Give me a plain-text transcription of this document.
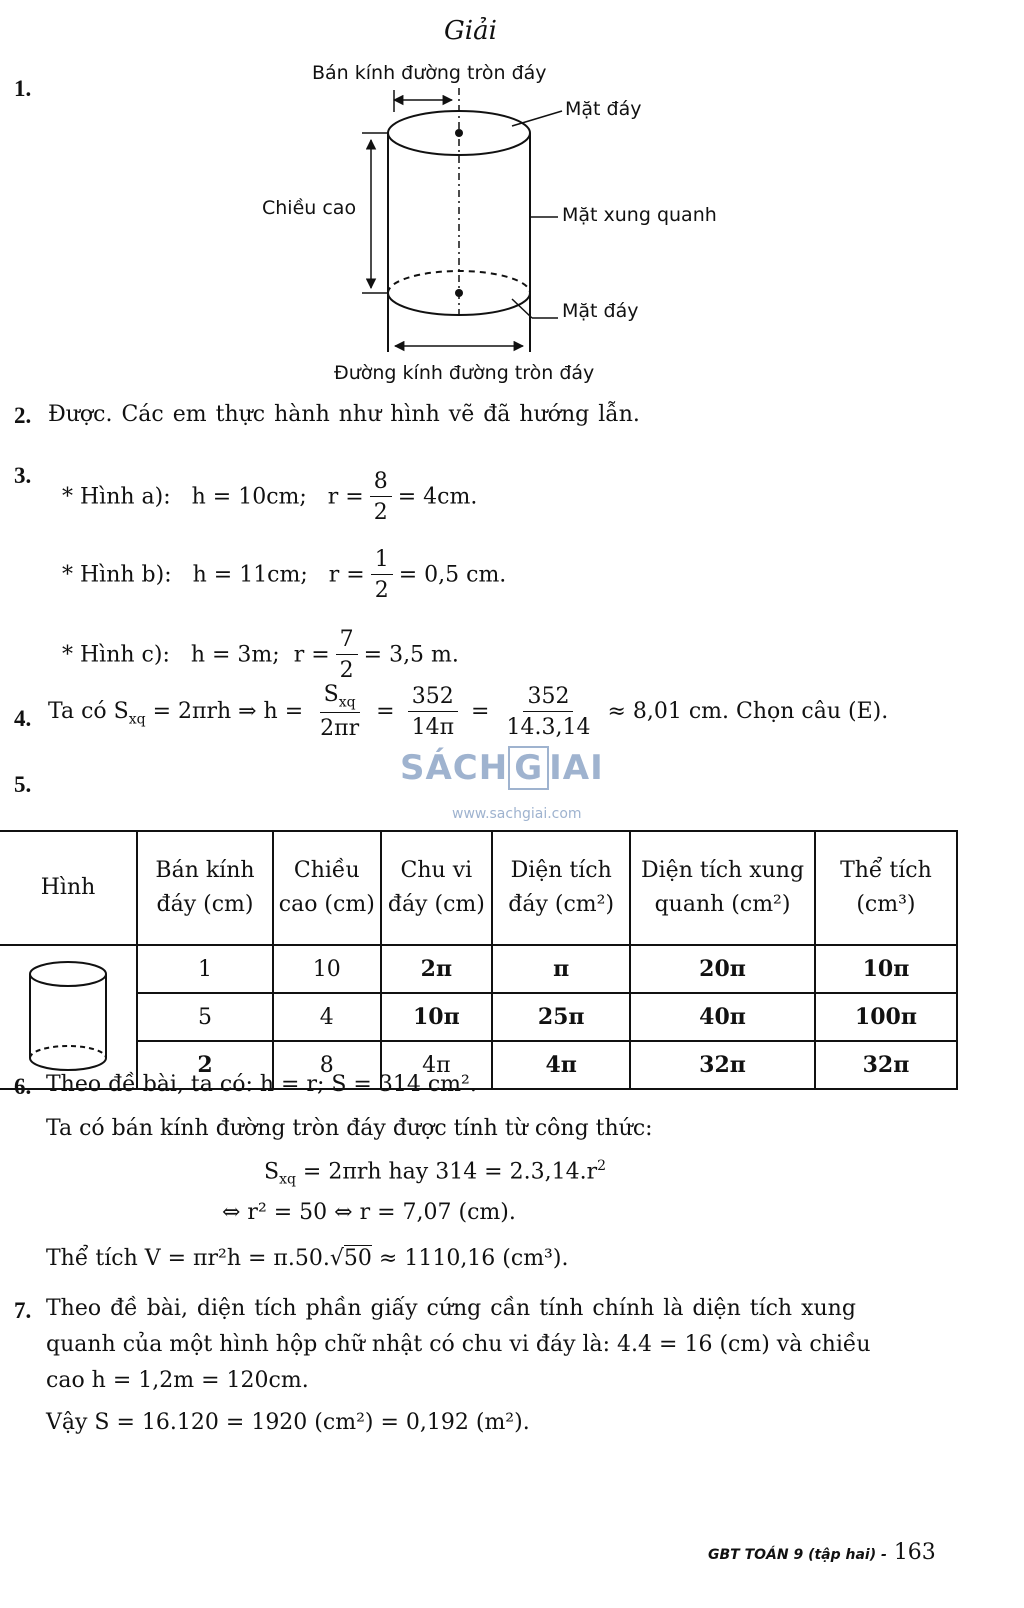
Giải
1.
Bán kính đường tròn đáy
Mặt đáy
Chiều cao	Mặt xung quanh
Mặt đáy
Đường kính đường tròn đáy
2. Được. Các em thực hành như hình vẽ đã hướng lẫn.
3.

* Hình a):   h = 10cm;   $r = \frac{8}{2} = 4cm$.

* Hình b):   h = 11cm;   $r = \frac{1}{2} = 0,5$ cm.

* Hình c):   h = 3m;  $r = \frac{7}{2} = 3,5$ m.

4. Ta có $S_{xq} = 2\pi rh$ ⇒ $h = \frac{S_{xq}}{2\pi r} = \frac{352}{14\pi} = \frac{352}{14.3,14} \approx 8,01$ cm. Chọn câu (E).
5.	SÁCH G IAI
www.sachgiai.com
Hình	Bán kính đáy (cm)	Chiều cao (cm)	Chu vi đáy (cm)	Diện tích đáy (cm²)	Diện tích xung quanh (cm²)	Thể tích (cm³)

	1	10	2π	π	20π	10π
	5	4	10π	25π	40π	100π
	2	8	4π	4π	32π	32π
6. Theo đề bài, ta có: h = r; S = 314 cm².
Ta có bán kính đường tròn đáy được tính từ công thức:
$S_{xq} = 2\pi rh$ hay $314 = 2.3,14.r^2$
⇔ r² = 50 ⇔ r = 7,07 (cm).
Thể tích V = πr²h = π.50.√50 ≈ 1110,16 (cm³).
7. Theo đề bài, diện tích phần giấy cứng cần tính chính là diện tích xung
quanh của một hình hộp chữ nhật có chu vi đáy là: 4.4 = 16 (cm) và chiều
cao h = 1,2m = 120cm.
Vậy S = 16.120 = 1920 (cm²) = 0,192 (m²).
GBT TOÁN 9 (tập hai) - 163
